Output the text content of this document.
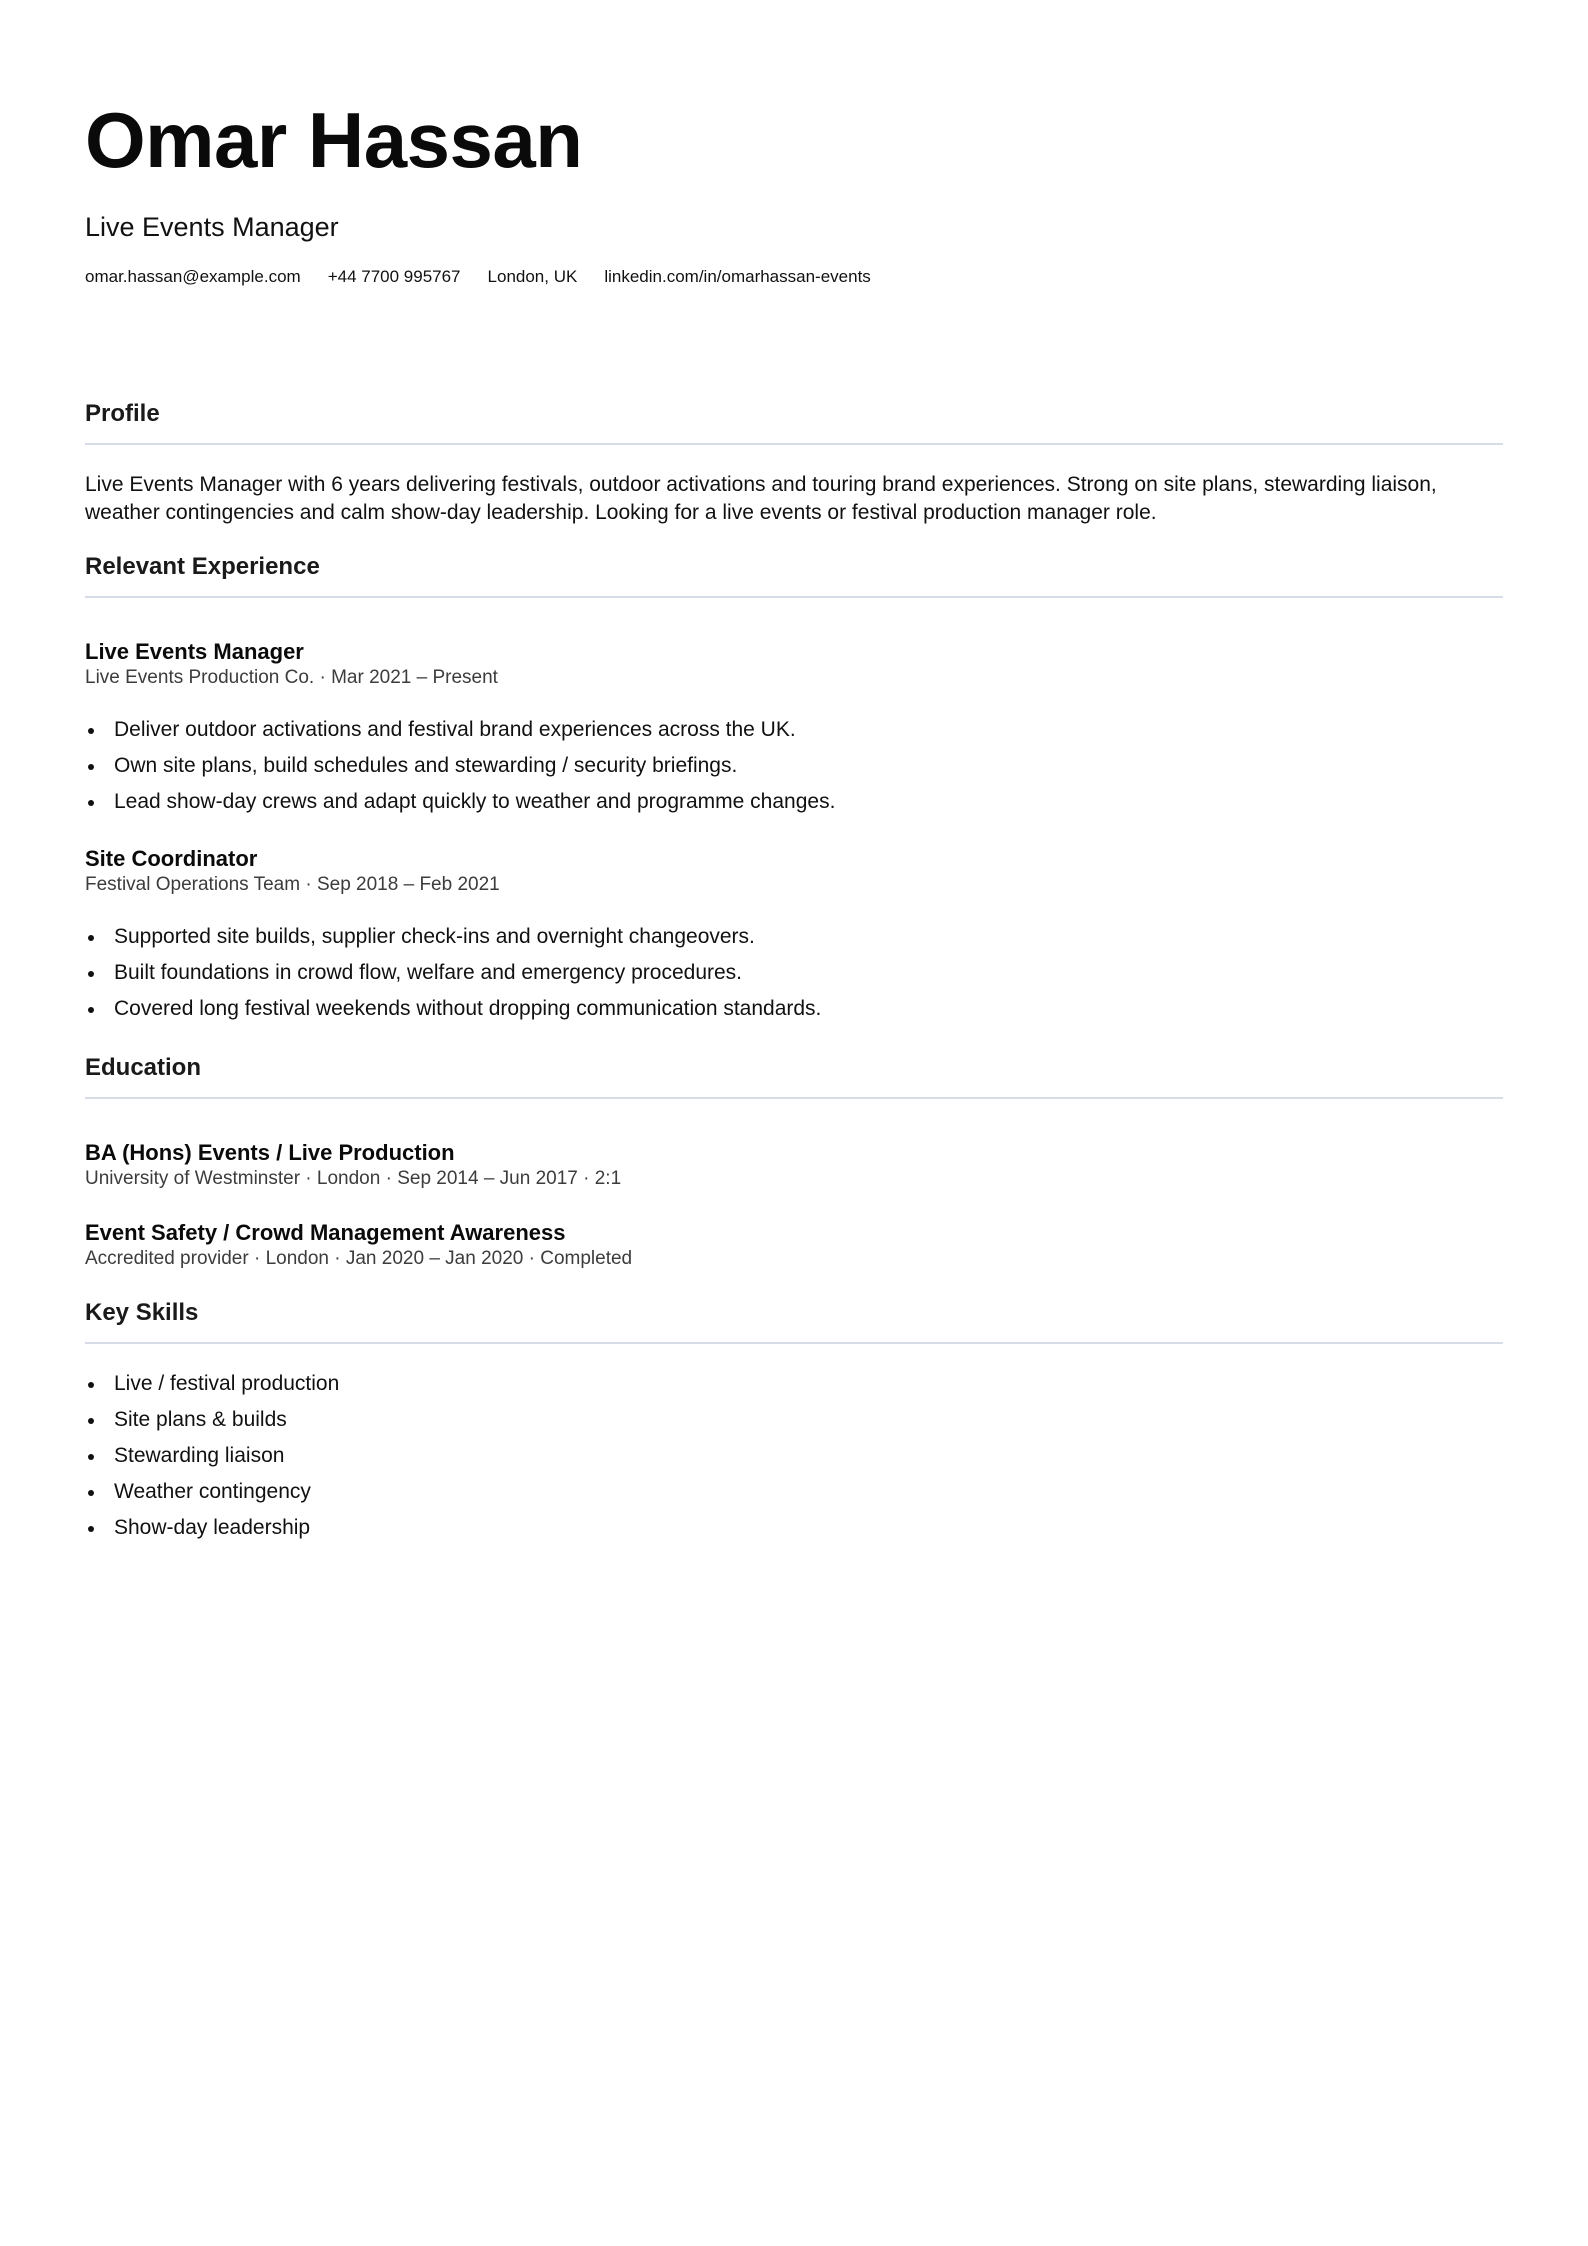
Omar Hassan
Live Events Manager
omar.hassan@example.com +44 7700 995767 London, UK linkedin.com/in/omarhassan-events
Profile
Live Events Manager with 6 years delivering festivals, outdoor activations and touring brand experiences. Strong on site plans, stewarding liaison, weather contingencies and calm show-day leadership. Looking for a live events or festival production manager role.
Relevant Experience
Live Events Manager
Live Events Production Co. · Mar 2021 – Present
Deliver outdoor activations and festival brand experiences across the UK.
Own site plans, build schedules and stewarding / security briefings.
Lead show-day crews and adapt quickly to weather and programme changes.
Site Coordinator
Festival Operations Team · Sep 2018 – Feb 2021
Supported site builds, supplier check-ins and overnight changeovers.
Built foundations in crowd flow, welfare and emergency procedures.
Covered long festival weekends without dropping communication standards.
Education
BA (Hons) Events / Live Production
University of Westminster · London · Sep 2014 – Jun 2017 · 2:1
Event Safety / Crowd Management Awareness
Accredited provider · London · Jan 2020 – Jan 2020 · Completed
Key Skills
Live / festival production
Site plans & builds
Stewarding liaison
Weather contingency
Show-day leadership
